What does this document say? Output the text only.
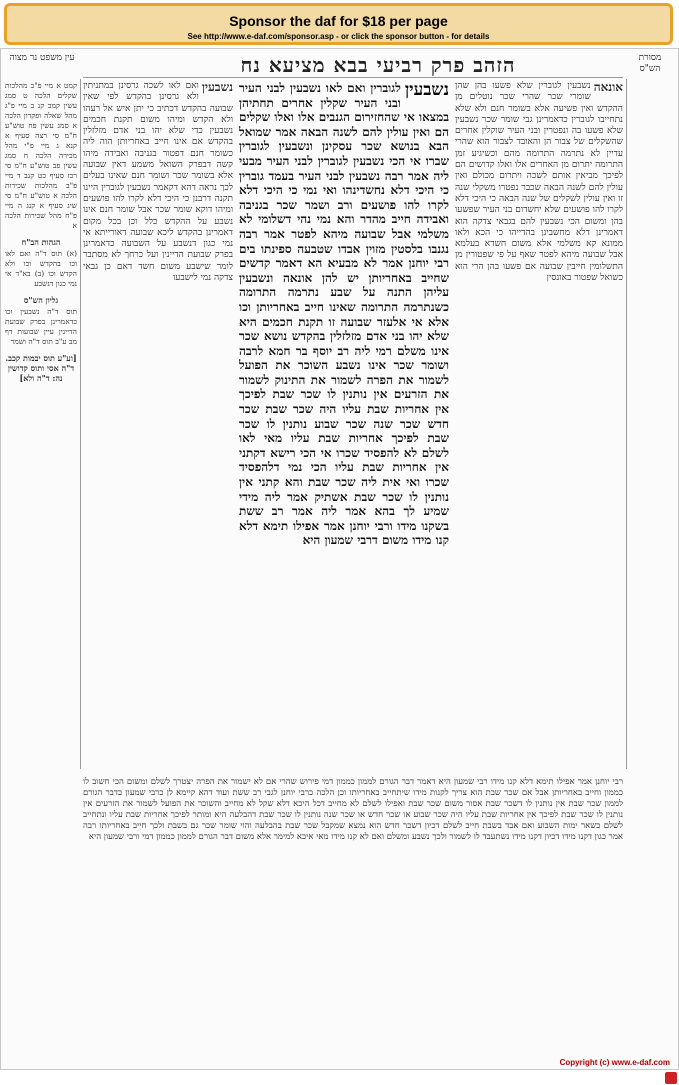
Sponsor the daf for $18 per page
See http://www.e-daf.com/sponsor.asp - or click the sponsor button - for details
הזהב פרק רביעי בבא מציעא נח	מסורת הש"ס
עין משפט נר מצוה
נשבעין
לגוברין ואם לאו נשבעין לבני העיר ובני העיר שקלין אחרים תחתיהן במצאו אי שהחזירום הגנבים אלו ואלו שקלים הם ואין עולין להם לשנה הבאה אמר שמואל הבא בנושא שכר עסקינן ונשבעין לגוברין שברו אי הכי נשבעין לגוברין לבני העיר מבעי ליה אמר רבה נשבעין לבני העיר בעמד גוברין כי היכי דלא נחשדינהו ואי נמי כי היכי דלא לקרו להו פושעים ורב ושמר שכר בגניבה ואבידה חייב מהדר והא נמי נהי דשלומי לא משלמי אבל שבועה מיהא לפטר אמר רבה נגנבו בלסטין מזוין אבדו שטבעה ספינתו בים רבי יוחנן אמר לא מבעיא הא דאמר קדשים שחייב באחריותן יש להן אונאה ונשבעין עליהן התנה על שבע נתרמה התרומה כשנתרמה התרומה שאינו חייב באחריותן וכו אלא אי אלעזר שבועה זו תקנת חכמים היא שלא יהו בני אדם מזלזלין בהקדש נושא שכר אינו משלם רמי ליה רב יוסף בר חמא לרבה ושומר שכר אינו נשבע השוכר את הפועל לשמור את הפרה לשמור את התינוק לשמור את הזרעים אין נותנין לו שכר שבת לפיכך אין אחריות שבת עליו היה שכר שבת שכר חדש שכר שנה שכר שבוע נותנין לו שכר שבת לפיכך אחריות שבת עליו מאי לאו לשלם לא להפסיד שכרו אי הכי רישא דקתני אין אחריות שבת עליו הכי נמי דלהפסיד שכרו ואי אית ליה שכר שבת והא קתני אין נותנין לו שכר שבת אשתיק אמר ליה מידי שמיע לך בהא אמר ליה אמר רב ששת בשקנו מידו ורבי יוחנן אמר אפילו תימא דלא קנו מידו משום דרבי שמעון היא
אונאה
נשבעין לגוברין שלא פשעו בהן שהן שומרי שכר שהרי שכר נוטלים מן ההקדש ואין פשיעה אלא בשומר חנם ולא שלא נתחייבו לגוברין כדאמרינן גבי שומר שכר נשבעין שלא פשעו בה ונפטרין ובני העיר שוקלין אחרים שהשקלים של צבור הן והאובד לצבור הוא שהרי עדיין לא נתרמה התרומה מהם וכשיגיע זמן התרומה יתרום מן האחרים אלו ואלו קדושים הם לפיכך מביאין אותם לשכה ויתרום מכולם ואין עולין להם לשנה הבאה שכבר נפטרו משקלי שנה זו ואין עולין לשקלים של שנה הבאה כי היכי דלא לקרו להו פושעים שלא יחשדום בני העיר שפשעו בהן ומשום הכי נשבעין להם בגבאי צדקה הוא דאמרינן דלא מחשבינן בהדייהו כי הכא ולאו ממונא קא משלמי אלא משום חשדא בעלמא אבל שבועה מיהא לפטר שאף על פי שפטורין מן התשלומין חייבין שבועה אם פשעו בהן הרי הוא כשואל שפטור באונסין
נשבעין
ואם לאו לשכה גרסינן במתניתין ולא גרסינן בהקדש לפי שאין שבועה בהקדש דכתיב כי יתן איש אל רעהו ולא הקדש ומיהו משום תקנת חכמים נשבעין כדי שלא יהו בני אדם מזלזלין בהקדש אם אינו חייב באחריותן הוה ליה כשומר חנם דפטור בגניבה ואבידה מיהו קשה דבפרק השואל משמע דאין שבועה אלא בשומר שכר ושומר חנם שאינו בעלים לכך נראה דהא דקאמר נשבעין לגוברין היינו תקנה דרבנן כי היכי דלא לקרו להו פושעים ומיהו דוקא שומר שכר אבל שומר חנם אינו נשבע על ההקדש כלל וכן בכל מקום דאמרינן בהקדש ליכא שבועה דאורייתא אי נמי כגון דנשבע על השבועה כדאמרינן בפרק שבועת הדיינין ועל כרחך לא מסתבר לומר שישבע משום חשד דאם כן גבאי צדקה נמי לישבעו
קמט א מיי פ"ב מהלכות שקלים הלכה ט סמג עשין קמב קנ ב מיי פ"ג מהל שאלה ופקדון הלכה א סמג עשין פח טוש"ע ח"מ סי רצה סעיף א קנא ג מיי פ"י מהל מכירה הלכה ח סמג עשין פב טוש"ע ח"מ סי רכז סעיף כט קנב ד מיי פ"ב מהלכות שכירות הלכה א טוש"ע ח"מ סי שיג סעיף א קנג ה מיי פ"ח מהל שכירות הלכה א
הגהות הב"ח
(א) תוס ד"ה ואם לאו וכו בהקדש וכו ולא הקדש וכו (ב) בא"ד אי נמי כגון דנשבע
גליון הש"ס
תוס ד"ה נשבעין וכו כדאמרינן בפרק שבועת הדיינין עיין שבועות דף מב ע"ב תוס ד"ה ושמר
[וע"ע תוס יבמות קכב. ד"ה אסי ותוס קדושין נה: ד"ה ולא]
רבי יוחנן אמר אפילו תימא דלא קנו מידו רבי שמעון היא דאמר דבר הגורם לממון כממון דמי פירוש שהרי אם לא ישמור את הפרה יצטרך לשלם ומשום הכי חשוב לו כממון וחייב באחריותן אבל אם שכר שבת הוא צריך לקנות מידו שיתחייב באחריותו וכן הלכה כרבי יוחנן לגבי רב ששת ועוד דהא קיימא לן כרבי שמעון בדבר הגורם לממון שכר שבת אין נותנין לו דשכר שבת אסור משום שכר שבת ואפילו לשלם לא מחייב דכל היכא דלא שקל לא מחייב והשוכר את הפועל לשמור את הזרעים אין נותנין לו שכר שבת לפיכך אין אחריות שבת עליו היה שכר שבוע או שכר חדש או שכר שנה נותנין לו שכר שבת דהבלעה היא ומותר לפיכך אחריות שבת עליו ונתחייב לשלם כשאר ימות השבוע ואם אבד בשבת חייב לשלם דכיון דשכר חדש הוא נמצא שמקבל שכר שבת בהבלעה והוי שומר שכר גם בשבת ולכך חייב באחריותו רבה אמר כגון דקנו מידו דכיון דקנו מידו נשתעבד לו לשמור ולכך נשבע ומשלם ואם לא קנו מידו מאי איכא למימר אלא משום דבר הגורם לממון כממון דמי ורבי שמעון היא
Copyright (c) www.e-daf.com
